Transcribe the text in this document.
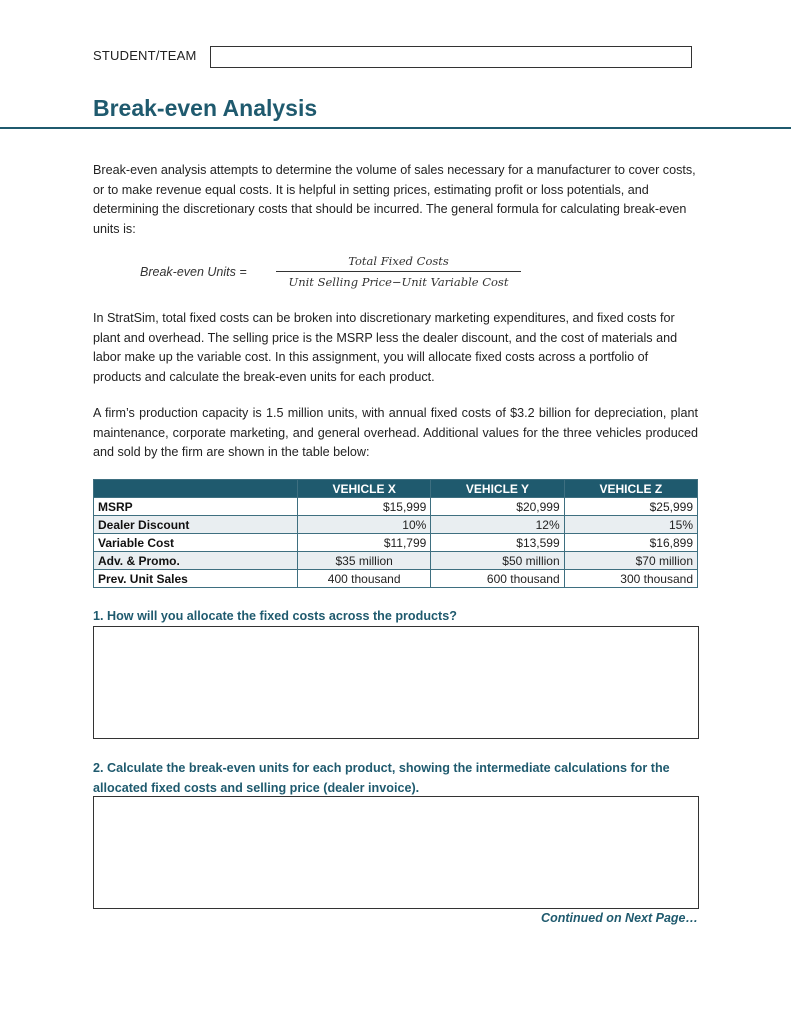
STUDENT/TEAM
Break-even Analysis
Break-even analysis attempts to determine the volume of sales necessary for a manufacturer to cover costs, or to make revenue equal costs. It is helpful in setting prices, estimating profit or loss potentials, and determining the discretionary costs that should be incurred. The general formula for calculating break-even units is:
Break-even Units =
Total Fixed Costs
Unit Selling Price−Unit Variable Cost
In StratSim, total fixed costs can be broken into discretionary marketing expenditures, and fixed costs for plant and overhead. The selling price is the MSRP less the dealer discount, and the cost of materials and labor make up the variable cost. In this assignment, you will allocate fixed costs across a portfolio of products and calculate the break-even units for each product.
A firm’s production capacity is 1.5 million units, with annual fixed costs of $3.2 billion for depreciation, plant maintenance, corporate marketing, and general overhead. Additional values for the three vehicles produced and sold by the firm are shown in the table below:
	VEHICLE X	VEHICLE Y	VEHICLE Z
MSRP	$15,999	$20,999	$25,999
Dealer Discount	10%	12%	15%
Variable Cost	$11,799	$13,599	$16,899
Adv. & Promo.	$35 million	$50 million	$70 million
Prev. Unit Sales	400 thousand	600 thousand	300 thousand
1. How will you allocate the fixed costs across the products?
2. Calculate the break-even units for each product, showing the intermediate calculations for the allocated fixed costs and selling price (dealer invoice).
Continued on Next Page…
